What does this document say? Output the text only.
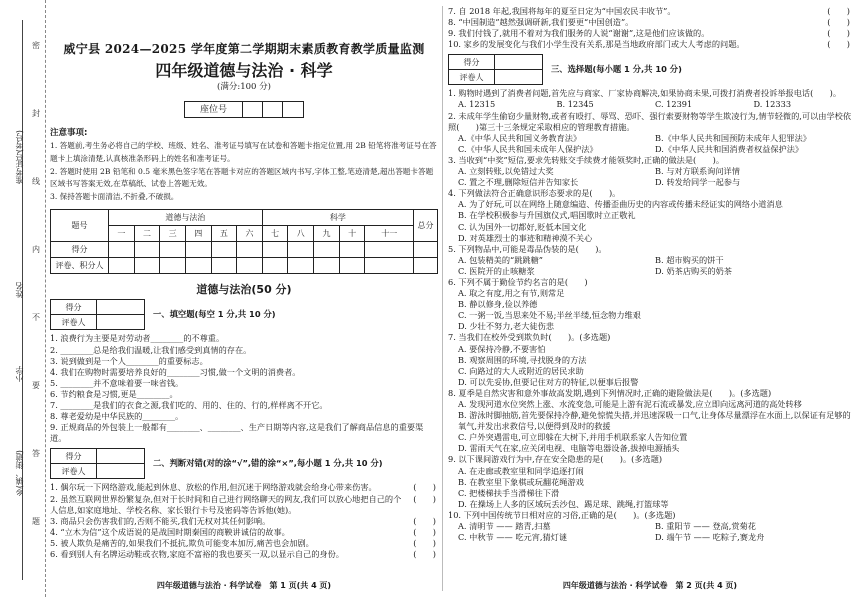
准考证号(考号)
姓名
小学
乡(镇、街道)
密
封
线
内
不
要
答
题
威宁县 2024—2025 学年度第二学期期末素质教育教学质量监测
四年级道德与法治 · 科学
(满分:100 分)
座位号
注意事项:
1. 答题前,考生务必将自己的学校、班级、姓名、准考证号填写在试卷和答题卡指定位置,用 2B 铅笔将准考证号在答题卡上填涂清楚,认真核准条形码上的姓名和准考证号。
2. 答题时使用 2B 铅笔和 0.5 毫米黑色签字笔在答题卡对应的答题区域内书写,字体工整,笔迹清楚,超出答题卡答题区域书写答案无效,在草稿纸、试卷上答题无效。
3. 保持答题卡面清洁,不折叠,不破损。
题号	道德与法治						科学					总分
	一	二	三	四	五	六	七	八	九	十	十一	
得分												
评卷、积分人												
道德与法治(50 分)
得分	
评卷人	
一、填空题(每空 1 分,共 10 分)
1. 浪费行为主要是对劳动者________的不尊重。
2. ________总是给我们温暖,让我们感受到真情的存在。
3. 说到做到是一个人________的重要标志。
4. 我们在购物时需要培养良好的________习惯,做一个文明的消费者。
5. ________并不意味着要一味省钱。
6. 节约粮食是习惯,更是________。
7. ________是我们的衣食之源,我们吃的、用的、住的、行的,样样离不开它。
8. 尊老爱幼是中华民族的________。
9. 正规商品的外包装上一般都有________、________、生产日期等内容,这是我们了解商品信息的重要渠道。
得分	
评卷人	
二、判断对错(对的涂“√”,错的涂“×”,每小题 1 分,共 10 分)
1. 偶尔玩一下网络游戏,能起到休息、放松的作用,但沉迷于网络游戏就会给身心带来伤害。	(　　)
2. 虽然互联网世界纷繁复杂,但对于长时间和自己进行网络聊天的网友,我们可以放心地把自己的个人信息,如家庭地址、学校名称、家长银行卡号及密码等告诉他(她)。
(　　)
3. 商品只会伤害我们的,否则不能买,我们无权对其任何影响。	(　　)
4. “立木为信”这个成语说的是战国时期秦国的商鞅讲诚信的故事。	(　　)
5. 被人欺负是痛苦的,如果我们不抵抗,欺负可能变本加厉,痛苦也会加剧。	(　　)
6. 看到别人有名牌运动鞋或衣物,家庭不富裕的我也要买一双,以显示自己的身份。	(　　)
四年级道德与法治 · 科学试卷　第 1 页(共 4 页)
7. 自 2018 年起,我国将每年的夏至日定为“中国农民丰收节”。	(　　)
8. “中国制造”越然强调研新,我们要更“中国创造”。	(　　)
9. 我们付钱了,就用不着对为我们服务的人说“谢谢”,这是他们应该做的。	(　　)
10. 家乡的发展变化与我们小学生没有关系,那是当地政府部门或大人考虑的问题。	(　　)
得分	
评卷人	
三、选择题(每小题 1 分,共 10 分)
1. 购物时遇到了消费者问题,首先应与商家、厂家协商解决,如果协商未果,可拨打消费者投诉举报电话(　　)。
A. 12315	B. 12345	C. 12391	D. 12333
2. 未成年学生偷窃少量财物,或者有殴打、辱骂、恐吓、强行索要财物等学生欺凌行为,情节轻微的,可以由学校依照(　　)第三十三条规定采取相应的管理教育措施。
A.《中华人民共和国义务教育法》	B.《中华人民共和国预防未成年人犯罪法》
C.《中华人民共和国未成年人保护法》	D.《中华人民共和国消费者权益保护法》
3. 当收到“中奖”短信,要求先转账交手续费才能领奖时,正确的做法是(　　)。
A. 立刻转账,以免错过大奖	B. 与对方联系询问详情
C. 置之不理,删除短信并告知家长	D. 转发给同学一起参与
4. 下列做法符合正确意识形态要求的是(　　)。
A. 为了好玩,可以在网络上随意编造、传播歪曲历史的内容或传播未经证实的网络小道消息
B. 在学校积极参与升国旗仪式,唱国歌时立正敬礼
C. 认为国外一切都好,贬低本国文化
D. 对英雄烈士的事迹和精神漠不关心
5. 下列物品中,可能是毒品伪装的是(　　)。
A. 包装精美的“跳跳糖”	B. 超市购买的饼干
C. 医院开的止咳糖浆	D. 奶茶店购买的奶茶
6. 下列不属于勤俭节约名言的是(　　)
A. 取之有度,用之有节,则常足
B. 静以修身,俭以养德
C. 一粥一饭,当思来处不易;半丝半缕,恒念物力维艰
D. 少壮不努力,老大徒伤悲
7. 当我们在校外受到欺负时(　　)。(多选题)
A. 要保持冷静,不要害怕
B. 观察周围的环境,寻找脱身的方法
C. 向路过的大人或附近的居民求助
D. 可以先妥协,但要记住对方的特征,以便事后报警
8. 夏季是自然灾害和意外事故高发期,遇到下列情况时,正确的避险做法是(　　)。(多选题)
A. 发现河道水位突然上涨、水流变急,可能是上游有泥石流或暴发,应立即向远离河道的高处转移
B. 游泳时脚抽筋,首先要保持冷静,避免惊慌失措,并迅速深吸一口气,让身体尽量漂浮在水面上,以保证有足够的氧气,并发出求救信号,以便得到及时的救援
C. 户外突遇雷电,可立即躲在大树下,并用手机联系家人告知位置
D. 雷雨天气在家,应关闭电视、电脑等电器设备,拔掉电源插头
9. 以下课间游戏行为中,存在安全隐患的是(　　)。(多选题)
A. 在走廊或教室里和同学追逐打闹
B. 在教室里下象棋或玩翻花绳游戏
C. 把楼梯扶手当滑梯往下滑
D. 在操场上人多的区域玩丢沙包、踢足球、跳绳,打篮球等
10. 下列中国传统节日相对应的习俗,正确的是(　　)。(多选题)
A. 清明节 —— 踏青,扫墓	B. 重阳节 —— 登高,赏菊花
C. 中秋节 —— 吃元宵,猜灯谜	D. 端午节 —— 吃粽子,赛龙舟
四年级道德与法治 · 科学试卷　第 2 页(共 4 页)
